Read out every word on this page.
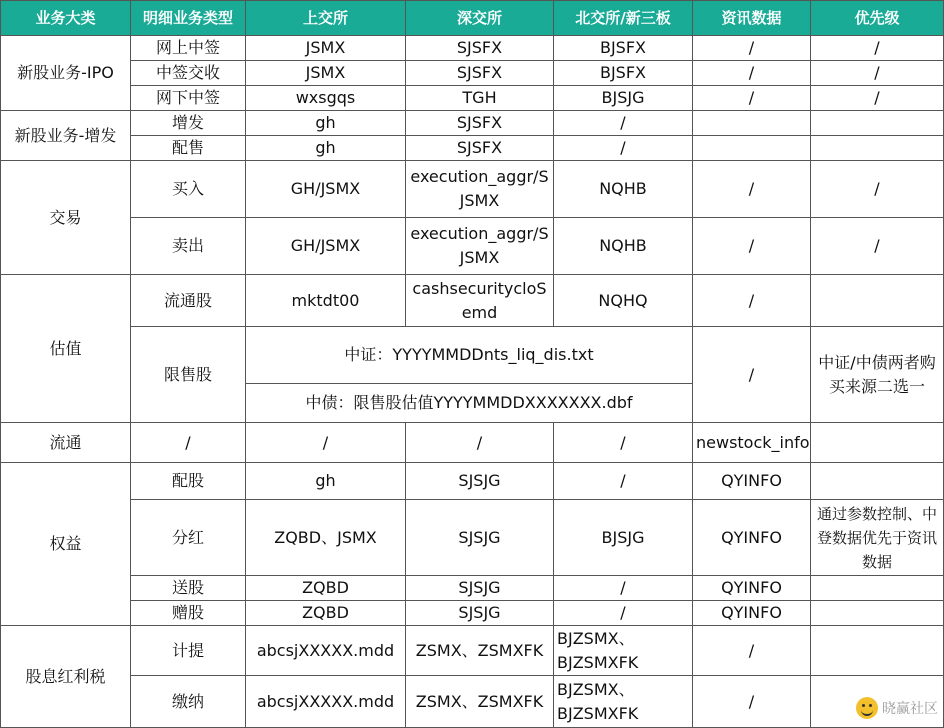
业务大类	明细业务类型	上交所	深交所	北交所/新三板	资讯数据	优先级
新股业务-IPO	网上中签	JSMX	SJSFX	BJSFX	/	/
	中签交收	JSMX	SJSFX	BJSFX	/	/
	网下中签	wxsgqs	TGH	BJSJG	/	/
新股业务-增发	增发	gh	SJSFX	/		
	配售	gh	SJSFX	/		
交易	买入	GH/JSMX	execution_aggr/SJSMX	NQHB	/	/
	卖出	GH/JSMX	execution_aggr/SJSMX	NQHB	/	/
估值	流通股	mktdt00	cashsecuritycloSemd	NQHQ	/	
	限售股	中证：YYYYMMDDnts_liq_dis.txt			/	中证/中债两者购买来源二选一
		中债：限售股估值YYYYMMDDXXXXXXX.dbf				
流通	/	/	/	/	newstock_info	
权益	配股	gh	SJSJG	/	QYINFO	
	分红	ZQBD、JSMX	SJSJG	BJSJG	QYINFO	通过参数控制、中登数据优先于资讯数据
	送股	ZQBD	SJSJG	/	QYINFO	
	赠股	ZQBD	SJSJG	/	QYINFO	
股息红利税	计提	abcsjXXXXX.mdd	ZSMX、ZSMXFK	BJZSMX、BJZSMXFK	/	
	缴纳	abcsjXXXXX.mdd	ZSMX、ZSMXFK	BJZSMX、BJZSMXFK	/		晓赢社区
